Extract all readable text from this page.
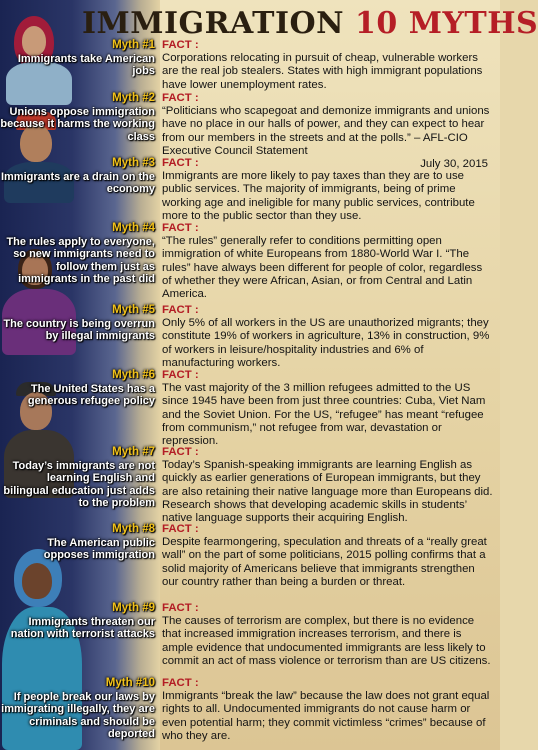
IMMIGRATION 10 MYTHS
Myth #1
Immigrants take American jobs
FACT :
Corporations relocating in pursuit of cheap, vulnerable workers are the real job stealers. States with high immigrant populations have lower unemployment rates.
Myth #2
Unions oppose immigration because it harms the working class
FACT :
“Politicians who scapegoat and demonize immigrants and unions have no place in our halls of power, and they can expect to hear from our members in the streets and at the polls.” – AFL-CIO Executive Council Statement
July 30, 2015
Myth #3
Immigrants are a drain on the economy
FACT :
Immigrants are more likely to pay taxes than they are to use public services. The majority of immigrants, being of prime working age and ineligible for many public services, contribute more to the public sector than they use.
Myth #4
The rules apply to everyone, so new immigrants need to follow them just as immigrants in the past did
FACT :
“The rules” generally refer to conditions permitting open immigration of white Europeans from 1880-World War I. “The rules” have always been different for people of color, regardless of whether they were African, Asian, or from Central and Latin America.
Myth #5
The country is being overrun by illegal immigrants
FACT :
Only 5% of all workers in the US are unauthorized migrants; they constitute 19% of workers in agriculture, 13% in construction, 9% of workers in leisure/hospitality industries and 6% of manufacturing workers.
Myth #6
The United States has a generous refugee policy
FACT :
The vast majority of the 3 million refugees admitted to the US since 1945 have been from just three countries: Cuba, Viet Nam and the Soviet Union. For the US, “refugee” has meant “refugee from communism,” not refugee from war, devastation or repression.
Myth #7
Today’s immigrants are not learning English and bilingual education just adds to the problem
FACT :
Today’s Spanish-speaking immigrants are learning English as quickly as earlier generations of European immigrants, but they are also retaining their native language more than Europeans did. Research shows that developing academic skills in students’ native language supports their acquiring English.
Myth #8
The American public opposes immigration
FACT :
Despite fearmongering, speculation and threats of a “really great wall” on the part of some politicians, 2015 polling confirms that a solid majority of Americans believe that immigrants strengthen our country rather than being a burden or threat.
Myth #9
Immigrants threaten our nation with terrorist attacks
FACT :
The causes of terrorism are complex, but there is no evidence that increased immigration increases terrorism, and there is ample evidence that undocumented immigrants are less likely to commit an act of mass violence or terrorism than are US citizens.
Myth #10
If people break our laws by immigrating illegally, they are criminals and should be deported
FACT :
Immigrants “break the law” because the law does not grant equal rights to all. Undocumented immigrants do not cause harm or even potential harm; they commit victimless “crimes” because of who they are.
